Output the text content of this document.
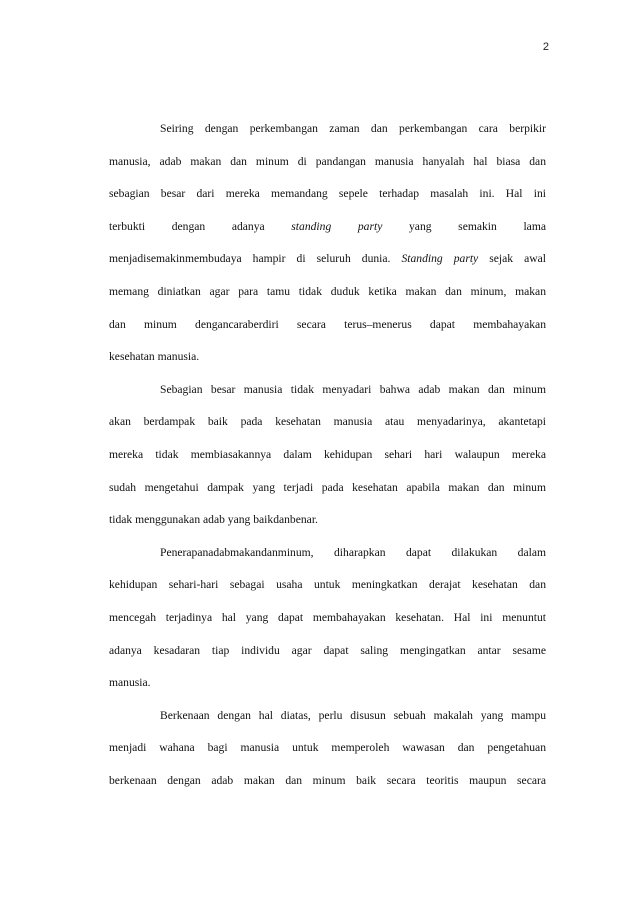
2
Seiring dengan perkembangan zaman dan perkembangan cara berpikir
manusia, adab makan dan minum di pandangan manusia hanyalah hal biasa dan
sebagian besar dari mereka memandang sepele terhadap masalah ini. Hal ini
terbukti dengan adanya standing party yang semakin lama
menjadisemakinmembudaya hampir di seluruh dunia. Standing party sejak awal
memang diniatkan agar para tamu tidak duduk ketika makan dan minum, makan
dan minum dengancaraberdiri secara terus–menerus dapat membahayakan
kesehatan manusia.
Sebagian besar manusia tidak menyadari bahwa adab makan dan minum
akan berdampak baik pada kesehatan manusia atau menyadarinya, akantetapi
mereka tidak membiasakannya dalam kehidupan sehari hari walaupun mereka
sudah mengetahui dampak yang terjadi pada kesehatan apabila makan dan minum
tidak menggunakan adab yang baikdanbenar.
Penerapanadabmakandanminum, diharapkan dapat dilakukan dalam
kehidupan sehari-hari sebagai usaha untuk meningkatkan derajat kesehatan dan
mencegah terjadinya hal yang dapat membahayakan kesehatan. Hal ini menuntut
adanya kesadaran tiap individu agar dapat saling mengingatkan antar sesame
manusia.
Berkenaan dengan hal diatas, perlu disusun sebuah makalah yang mampu
menjadi wahana bagi manusia untuk memperoleh wawasan dan pengetahuan
berkenaan dengan adab makan dan minum baik secara teoritis maupun secara
